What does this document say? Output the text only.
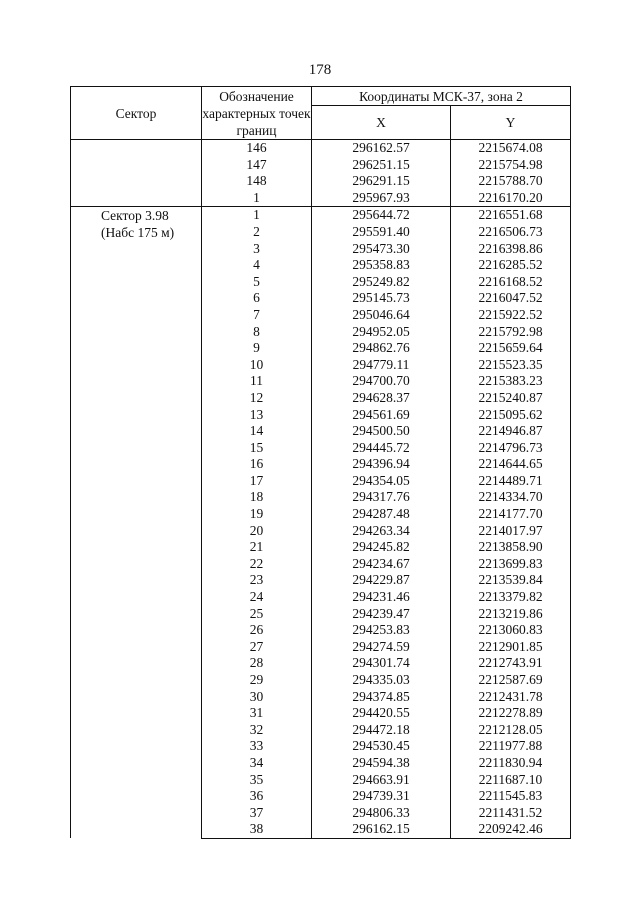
178
Сектор	Обозначение характерных точек границ	Координаты МСК-37, зона 2	
		X	Y
	146	296162.57	2215674.08
	147	296251.15	2215754.98
	148	296291.15	2215788.70
	1	295967.93	2216170.20

Сектор 3.98
(Набс 175 м)	1	295644.72	2216551.68
	2	295591.40	2216506.73
	3	295473.30	2216398.86
	4	295358.83	2216285.52
	5	295249.82	2216168.52
	6	295145.73	2216047.52
	7	295046.64	2215922.52
	8	294952.05	2215792.98
	9	294862.76	2215659.64
	10	294779.11	2215523.35
	11	294700.70	2215383.23
	12	294628.37	2215240.87
	13	294561.69	2215095.62
	14	294500.50	2214946.87
	15	294445.72	2214796.73
	16	294396.94	2214644.65
	17	294354.05	2214489.71
	18	294317.76	2214334.70
	19	294287.48	2214177.70
	20	294263.34	2214017.97
	21	294245.82	2213858.90
	22	294234.67	2213699.83
	23	294229.87	2213539.84
	24	294231.46	2213379.82
	25	294239.47	2213219.86
	26	294253.83	2213060.83
	27	294274.59	2212901.85
	28	294301.74	2212743.91
	29	294335.03	2212587.69
	30	294374.85	2212431.78
	31	294420.55	2212278.89
	32	294472.18	2212128.05
	33	294530.45	2211977.88
	34	294594.38	2211830.94
	35	294663.91	2211687.10
	36	294739.31	2211545.83
	37	294806.33	2211431.52
	38	296162.15	2209242.46
